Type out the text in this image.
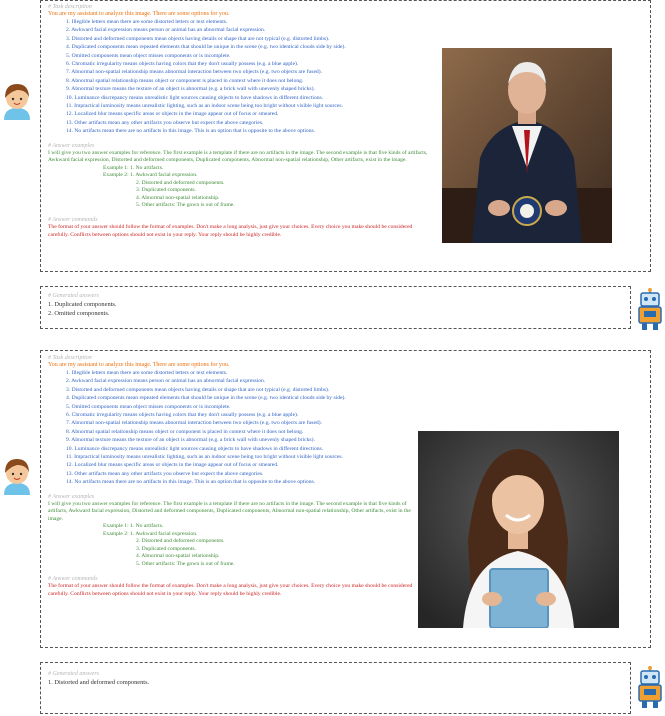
# Task description
You are my assistant to analyze this image. There are some options for you.
1. Illegible letters mean there are some distorted letters or text elements.
2. Awkward facial expression means person or animal has an abnormal facial expression.
3. Distorted and deformed components mean objects having details or shape that are not typical (e.g. distorted limbs).
4. Duplicated components mean repeated elements that should be unique in the scene (e.g. two identical clouds side by side).
5. Omitted components mean object misses components or is incomplete.
6. Chromatic irregularity means objects having colors that they don't usually possess (e.g. a blue apple).
7. Abnormal non-spatial relationship means abnormal interaction between two objects (e.g. two objects are fused).
8. Abnormal spatial relationship means object or component is placed in context where it does not belong.
9. Abnormal texture means the texture of an object is abnormal (e.g. a brick wall with unevenly shaped bricks).
10. Luminance discrepancy means unrealistic light sources causing objects to have shadows in different directions.
11. Impractical luminosity means unrealistic lighting, such as an indoor scene being too bright without visible light sources.
12. Localized blur means specific areas or objects in the image appear out of focus or smeared.
13. Other artifacts mean any other artifacts you observe but expect the above categories.
14. No artifacts mean there are no artifacts in this image. This is an option that is opposite to the above options.
# Answer examples
I will give you two answer examples for reference. The first example is a template if there are no artifacts in the image. The second example is that five kinds of artifacts, Awkward facial expression, Distorted and deformed components, Duplicated components, Abnormal non-spatial relationship, Other artifacts, exist in the image.
Example 1: 1. No artifacts.
Example 2: 1. Awkward facial expression.
2. Distorted and deformed components.
3. Duplicated components.
4. Abnormal non-spatial relationship.
5. Other artifacts: The gown is out of frame.
# Answer commands
The format of your answer should follow the format of examples. Don't make a long analysis, just give your choices. Every choice you make should be considered carefully. Conflicts between options should not exist in your reply. Your reply should be highly credible.
# Generated answers
1. Duplicated components.
2. Omitted components.
# Task description
You are my assistant to analyze this image. There are some options for you.
1. Illegible letters mean there are some distorted letters or text elements.
2. Awkward facial expression means person or animal has an abnormal facial expression.
3. Distorted and deformed components mean objects having details or shape that are not typical (e.g. distorted limbs).
4. Duplicated components mean repeated elements that should be unique in the scene (e.g. two identical clouds side by side).
5. Omitted components mean object misses components or is incomplete.
6. Chromatic irregularity means objects having colors that they don't usually possess (e.g. a blue apple).
7. Abnormal non-spatial relationship means abnormal interaction between two objects (e.g. two objects are fused).
8. Abnormal spatial relationship means object or component is placed in context where it does not belong.
9. Abnormal texture means the texture of an object is abnormal (e.g. a brick wall with unevenly shaped bricks).
10. Luminance discrepancy means unrealistic light sources causing objects to have shadows in different directions.
11. Impractical luminosity means unrealistic lighting, such as an indoor scene being too bright without visible light sources.
12. Localized blur means specific areas or objects in the image appear out of focus or smeared.
13. Other artifacts mean any other artifacts you observe but expect the above categories.
14. No artifacts mean there are no artifacts in this image. This is an option that is opposite to the above options.
# Answer examples
I will give you two answer examples for reference. The first example is a template if there are no artifacts in the image. The second example is that five kinds of artifacts, Awkward facial expression, Distorted and deformed components, Duplicated components, Abnormal non-spatial relationship, Other artifacts, exist in the image.
Example 1: 1. No artifacts.
Example 2: 1. Awkward facial expression.
2. Distorted and deformed components.
3. Duplicated components.
4. Abnormal non-spatial relationship.
5. Other artifacts: The gown is out of frame.
# Answer commands
The format of your answer should follow the format of examples. Don't make a long analysis, just give your choices. Every choice you make should be considered carefully. Conflicts between options should not exist in your reply. Your reply should be highly credible.
# Generated answers
1. Distorted and deformed components.
